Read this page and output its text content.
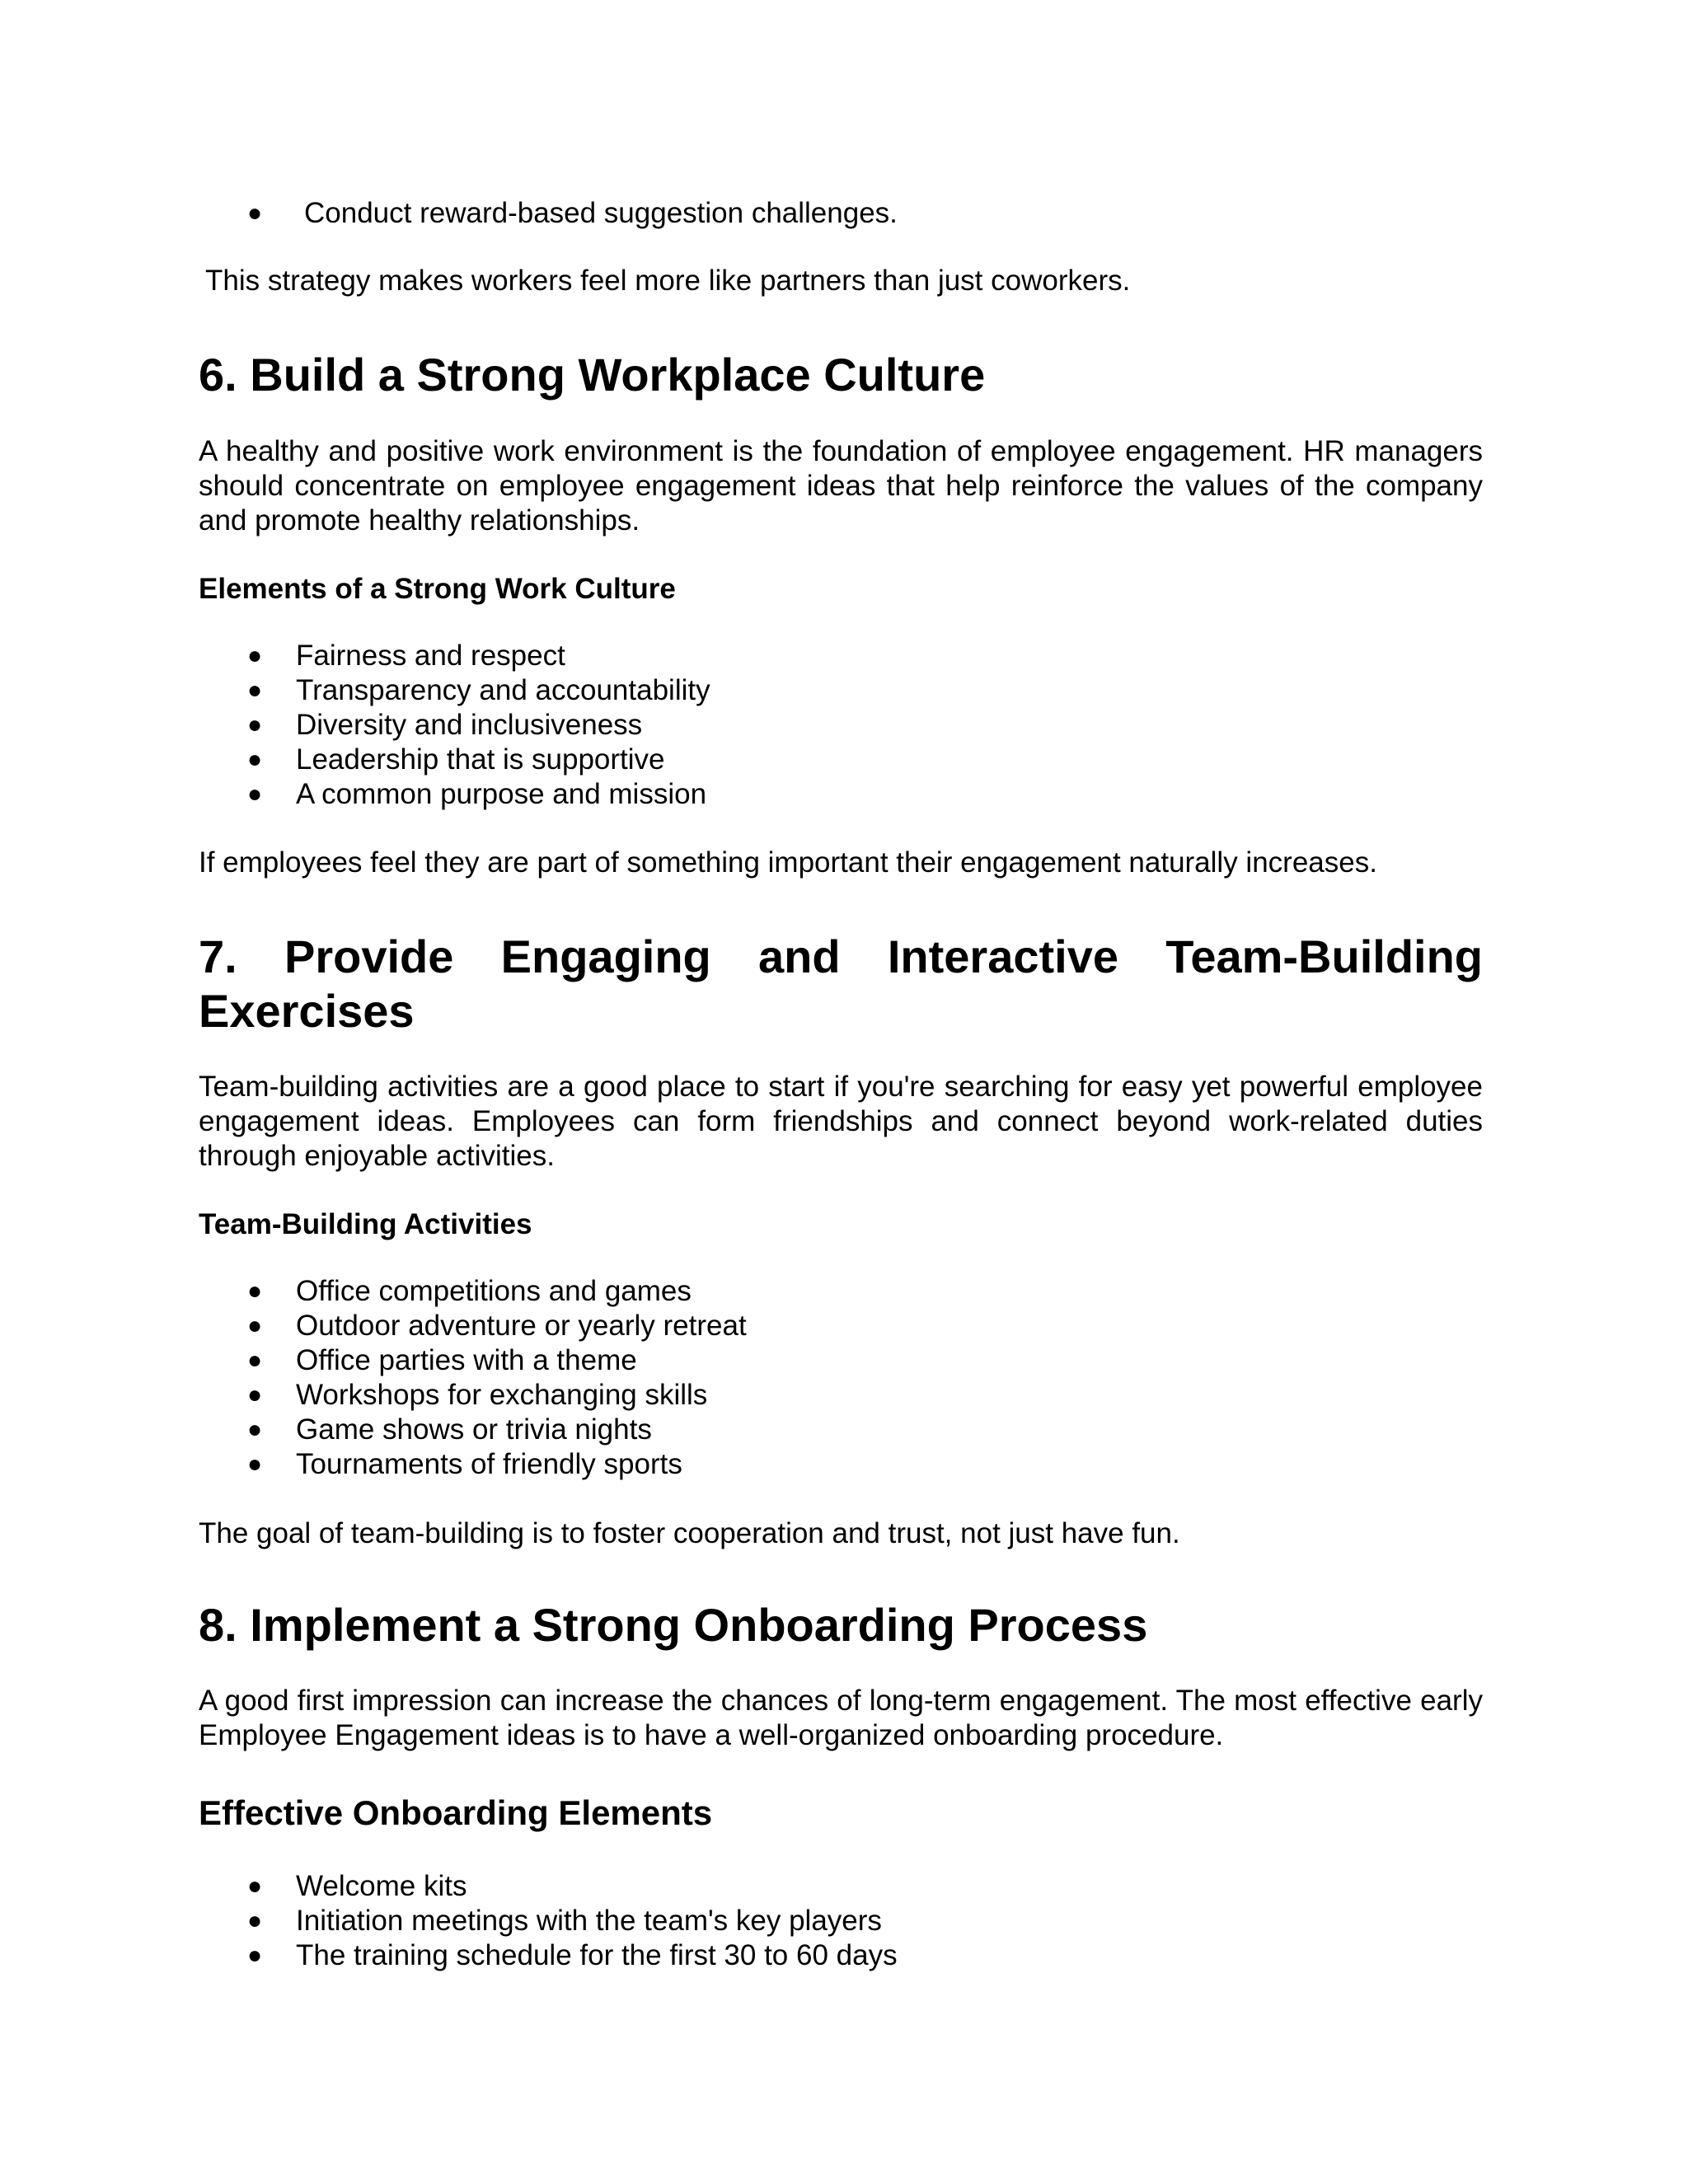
● Conduct reward-based suggestion challenges.

This strategy makes workers feel more like partners than just coworkers.

6. Build a Strong Workplace Culture

A healthy and positive work environment is the foundation of employee engagement. HR managers should concentrate on employee engagement ideas that help reinforce the values of the company and promote healthy relationships.

Elements of a Strong Work Culture
● Fairness and respect
● Transparency and accountability
● Diversity and inclusiveness
● Leadership that is supportive
● A common purpose and mission

If employees feel they are part of something important their engagement naturally increases.

7. Provide Engaging and Interactive Team-Building Exercises

Team-building activities are a good place to start if you're searching for easy yet powerful employee engagement ideas. Employees can form friendships and connect beyond work-related duties through enjoyable activities.

Team-Building Activities
● Office competitions and games
● Outdoor adventure or yearly retreat
● Office parties with a theme
● Workshops for exchanging skills
● Game shows or trivia nights
● Tournaments of friendly sports

The goal of team-building is to foster cooperation and trust, not just have fun.

8. Implement a Strong Onboarding Process

A good first impression can increase the chances of long-term engagement. The most effective early Employee Engagement ideas is to have a well-organized onboarding procedure.

Effective Onboarding Elements
● Welcome kits
● Initiation meetings with the team's key players
● The training schedule for the first 30 to 60 days
